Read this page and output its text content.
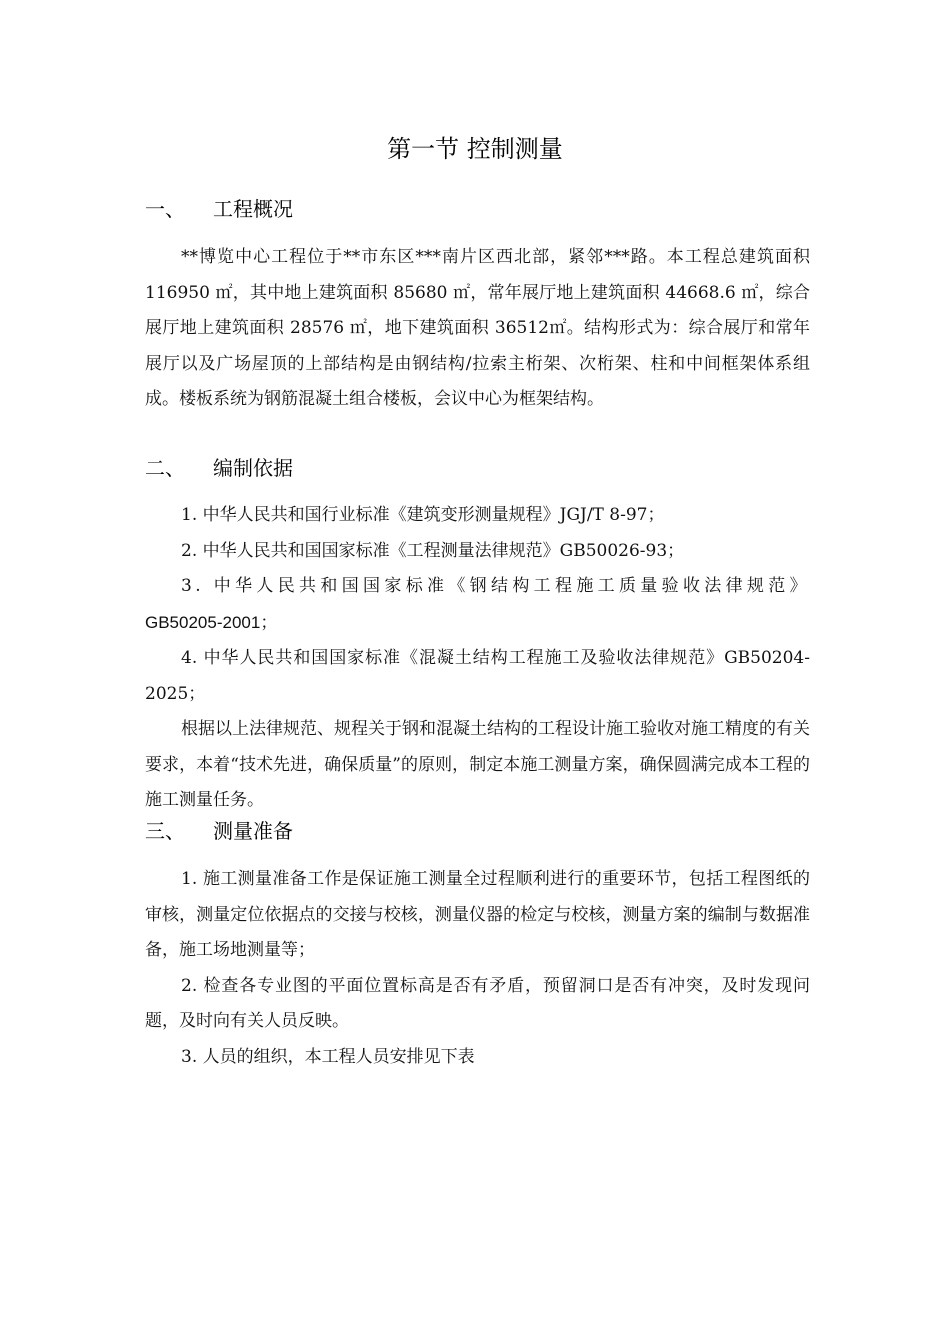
第一节 控制测量
一、 工程概况

**博览中心工程位于**市东区***南片区西北部，紧邻***路。本工程总建筑面积 116950 ㎡，其中地上建筑面积 85680 ㎡，常年展厅地上建筑面积 44668.6 ㎡，综合展厅地上建筑面积 28576 ㎡，地下建筑面积 36512㎡。结构形式为：综合展厅和常年展厅以及广场屋顶的上部结构是由钢结构/拉索主桁架、次桁架、柱和中间框架体系组成。楼板系统为钢筋混凝土组合楼板，会议中心为框架结构。

二、 编制依据

1. 中华人民共和国行业标准《建筑变形测量规程》JGJ/T 8-97；

2. 中华人民共和国国家标准《工程测量法律规范》GB50026-93；

3. 中华人民共和国国家标准《钢结构工程施工质量验收法律规范》GB50205-2001；

4. 中华人民共和国国家标准《混凝土结构工程施工及验收法律规范》GB50204-2025；

根据以上法律规范、规程关于钢和混凝土结构的工程设计施工验收对施工精度的有关要求，本着“技术先进，确保质量”的原则，制定本施工测量方案，确保圆满完成本工程的施工测量任务。

三、 测量准备

1. 施工测量准备工作是保证施工测量全过程顺利进行的重要环节，包括工程图纸的审核，测量定位依据点的交接与校核，测量仪器的检定与校核，测量方案的编制与数据准备，施工场地测量等；

2. 检查各专业图的平面位置标高是否有矛盾，预留洞口是否有冲突，及时发现问题，及时向有关人员反映。

3. 人员的组织，本工程人员安排见下表
